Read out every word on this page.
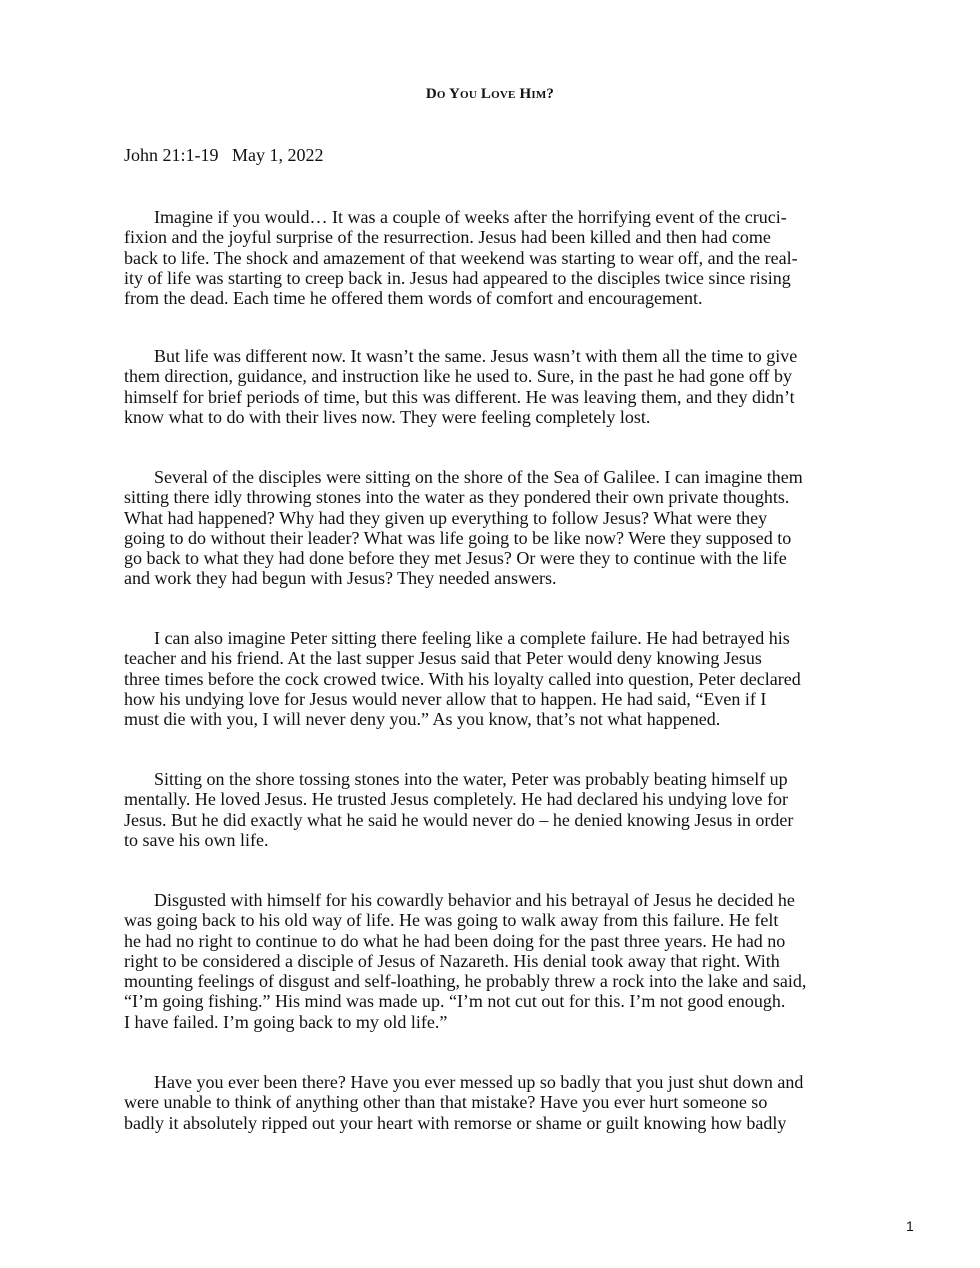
Do You Love Him?
John 21:1-19   May 1, 2022
Imagine if you would… It was a couple of weeks after the horrifying event of the cruci-
fixion and the joyful surprise of the resurrection. Jesus had been killed and then had come
back to life. The shock and amazement of that weekend was starting to wear off, and the real-
ity of life was starting to creep back in. Jesus had appeared to the disciples twice since rising
from the dead. Each time he offered them words of comfort and encouragement.
But life was different now. It wasn’t the same. Jesus wasn’t with them all the time to give
them direction, guidance, and instruction like he used to. Sure, in the past he had gone off by
himself for brief periods of time, but this was different. He was leaving them, and they didn’t
know what to do with their lives now. They were feeling completely lost.
Several of the disciples were sitting on the shore of the Sea of Galilee. I can imagine them
sitting there idly throwing stones into the water as they pondered their own private thoughts.
What had happened? Why had they given up everything to follow Jesus? What were they
going to do without their leader? What was life going to be like now? Were they supposed to
go back to what they had done before they met Jesus? Or were they to continue with the life
and work they had begun with Jesus? They needed answers.
I can also imagine Peter sitting there feeling like a complete failure. He had betrayed his
teacher and his friend. At the last supper Jesus said that Peter would deny knowing Jesus
three times before the cock crowed twice. With his loyalty called into question, Peter declared
how his undying love for Jesus would never allow that to happen. He had said, “Even if I
must die with you, I will never deny you.” As you know, that’s not what happened.
Sitting on the shore tossing stones into the water, Peter was probably beating himself up
mentally. He loved Jesus. He trusted Jesus completely. He had declared his undying love for
Jesus. But he did exactly what he said he would never do – he denied knowing Jesus in order
to save his own life.
Disgusted with himself for his cowardly behavior and his betrayal of Jesus he decided he
was going back to his old way of life. He was going to walk away from this failure. He felt
he had no right to continue to do what he had been doing for the past three years. He had no
right to be considered a disciple of Jesus of Nazareth. His denial took away that right. With
mounting feelings of disgust and self-loathing, he probably threw a rock into the lake and said,
“I’m going fishing.” His mind was made up. “I’m not cut out for this. I’m not good enough.
I have failed. I’m going back to my old life.”
Have you ever been there? Have you ever messed up so badly that you just shut down and
were unable to think of anything other than that mistake? Have you ever hurt someone so
badly it absolutely ripped out your heart with remorse or shame or guilt knowing how badly
1
